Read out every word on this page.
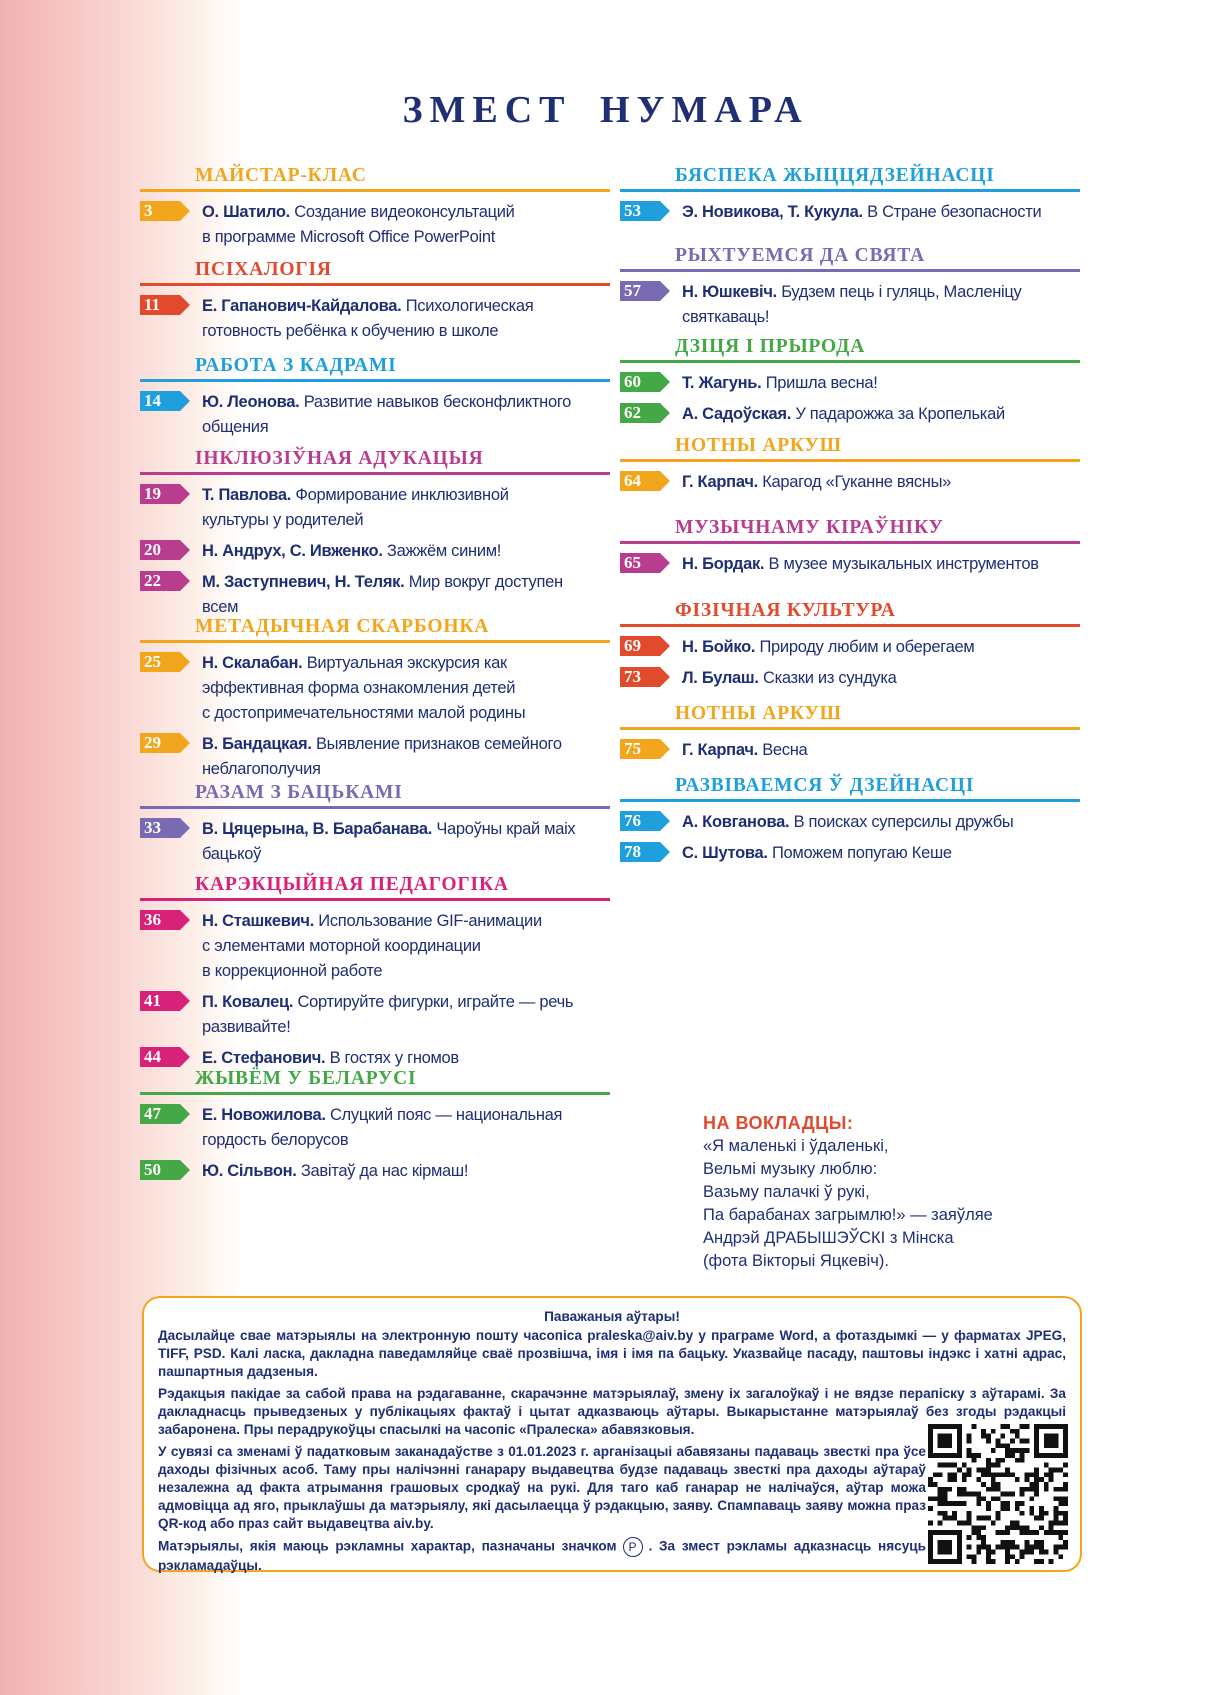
ЗМЕСТ НУМАРА
МАЙСТАР-КЛАС
3	О. Шатило. Создание видеоконсультаций
в программе Microsoft Office PowerPoint
ПСІХАЛОГІЯ
11	Е. Гапанович-Кайдалова. Психологическая
готовность ребёнка к обучению в школе
РАБОТА З КАДРАМІ
14	Ю. Леонова. Развитие навыков бесконфликтного
общения
ІНКЛЮЗІЎНАЯ АДУКАЦЫЯ
19	Т. Павлова. Формирование инклюзивной
культуры у родителей
20	Н. Андрух, С. Ивженко. Зажжём синим!
22	М. Заступневич, Н. Теляк. Мир вокруг доступен
всем
МЕТАДЫЧНАЯ СКАРБОНКА
25	Н. Скалабан. Виртуальная экскурсия как
эффективная форма ознакомления детей
с достопримечательностями малой родины
29	В. Бандацкая. Выявление признаков семейного
неблагополучия
РАЗАМ З БАЦЬКАМІ
33	В. Цяцерына, В. Барабанава. Чароўны край маіх
бацькоў
КАРЭКЦЫЙНАЯ ПЕДАГОГІКА
36	Н. Сташкевич. Использование GIF-анимации
с элементами моторной координации
в коррекционной работе
41	П. Ковалец. Сортируйте фигурки, играйте — речь
развивайте!
44	Е. Стефанович. В гостях у гномов
ЖЫВЁМ У БЕЛАРУСІ
47	Е. Новожилова. Слуцкий пояс — национальная
гордость белорусов
50	Ю. Сільвон. Завітаў да нас кірмаш!
БЯСПЕКА ЖЫЦЦЯДЗЕЙНАСЦІ
53	Э. Новикова, Т. Кукула. В Стране безопасности
РЫХТУЕМСЯ ДА СВЯТА
57	Н. Юшкевіч. Будзем пець і гуляць, Масленіцу
святкаваць!
ДЗІЦЯ І ПРЫРОДА
60	Т. Жагунь. Пришла весна!
62	А. Садоўская. У падарожжа за Кропелькай
НОТНЫ АРКУШ
64	Г. Карпач. Карагод «Гуканне вясны»
МУЗЫЧНАМУ КІРАЎНІКУ
65	Н. Бордак. В музее музыкальных инструментов
ФІЗІЧНАЯ КУЛЬТУРА
69	Н. Бойко. Природу любим и оберегаем
73	Л. Булаш. Сказки из сундука
НОТНЫ АРКУШ
75	Г. Карпач. Весна
РАЗВІВАЕМСЯ Ў ДЗЕЙНАСЦІ
76	А. Ковганова. В поисках суперсилы дружбы
78	С. Шутова. Поможем попугаю Кеше
НА ВОКЛАДЦЫ:
«Я маленькі і ўдаленькі,
Вельмі музыку люблю:
Вазьму палачкі ў рукі,
Па барабанах загрымлю!» — заяўляе
Андрэй ДРАБЫШЭЎСКІ з Мінска
(фота Вікторыі Яцкевіч).
Паважаныя аўтары!

Дасылайце свае матэрыялы на электронную пошту часопіса praleska@aiv.by у праграме Word, а фотаздымкі — у фарматах JPEG, TIFF, PSD. Калі ласка, дакладна паведамляйце сваё прозвішча, імя і імя па бацьку. Указвайце пасаду, паштовы індэкс і хатні адрас, пашпартныя дадзеныя.

Рэдакцыя пакідае за сабой права на рэдагаванне, скарачэнне матэрыялаў, змену іх загалоўкаў і не вядзе перапіску з аўтарамі. За дакладнасць прыведзеных у публікацыях фактаў і цытат адказваюць аўтары. Выкарыстанне матэрыялаў без згоды рэдакцыі забаронена. Пры перадрукоўцы спасылкі на часопіс «Пралеска» абавязковыя.

У сувязі са зменамі ў падатковым заканадаўстве з 01.01.2023 г. арганізацыі абавязаны падаваць звесткі пра ўсе даходы фізічных асоб. Таму пры налічэнні ганарару выдавецтва будзе падаваць звесткі пра даходы аўтараў незалежна ад факта атрымання грашовых сродкаў на рукі. Для таго каб ганарар не налічаўся, аўтар можа адмовіцца ад яго, прыклаўшы да матэрыялу, які дасылаецца ў рэдакцыю, заяву. Спампаваць заяву можна праз QR-код або праз сайт выдавецтва aiv.by.

Матэрыялы, якія маюць рэкламны характар, пазначаны значком Р . За змест рэкламы адказнасць нясуць рэкламадаўцы.
